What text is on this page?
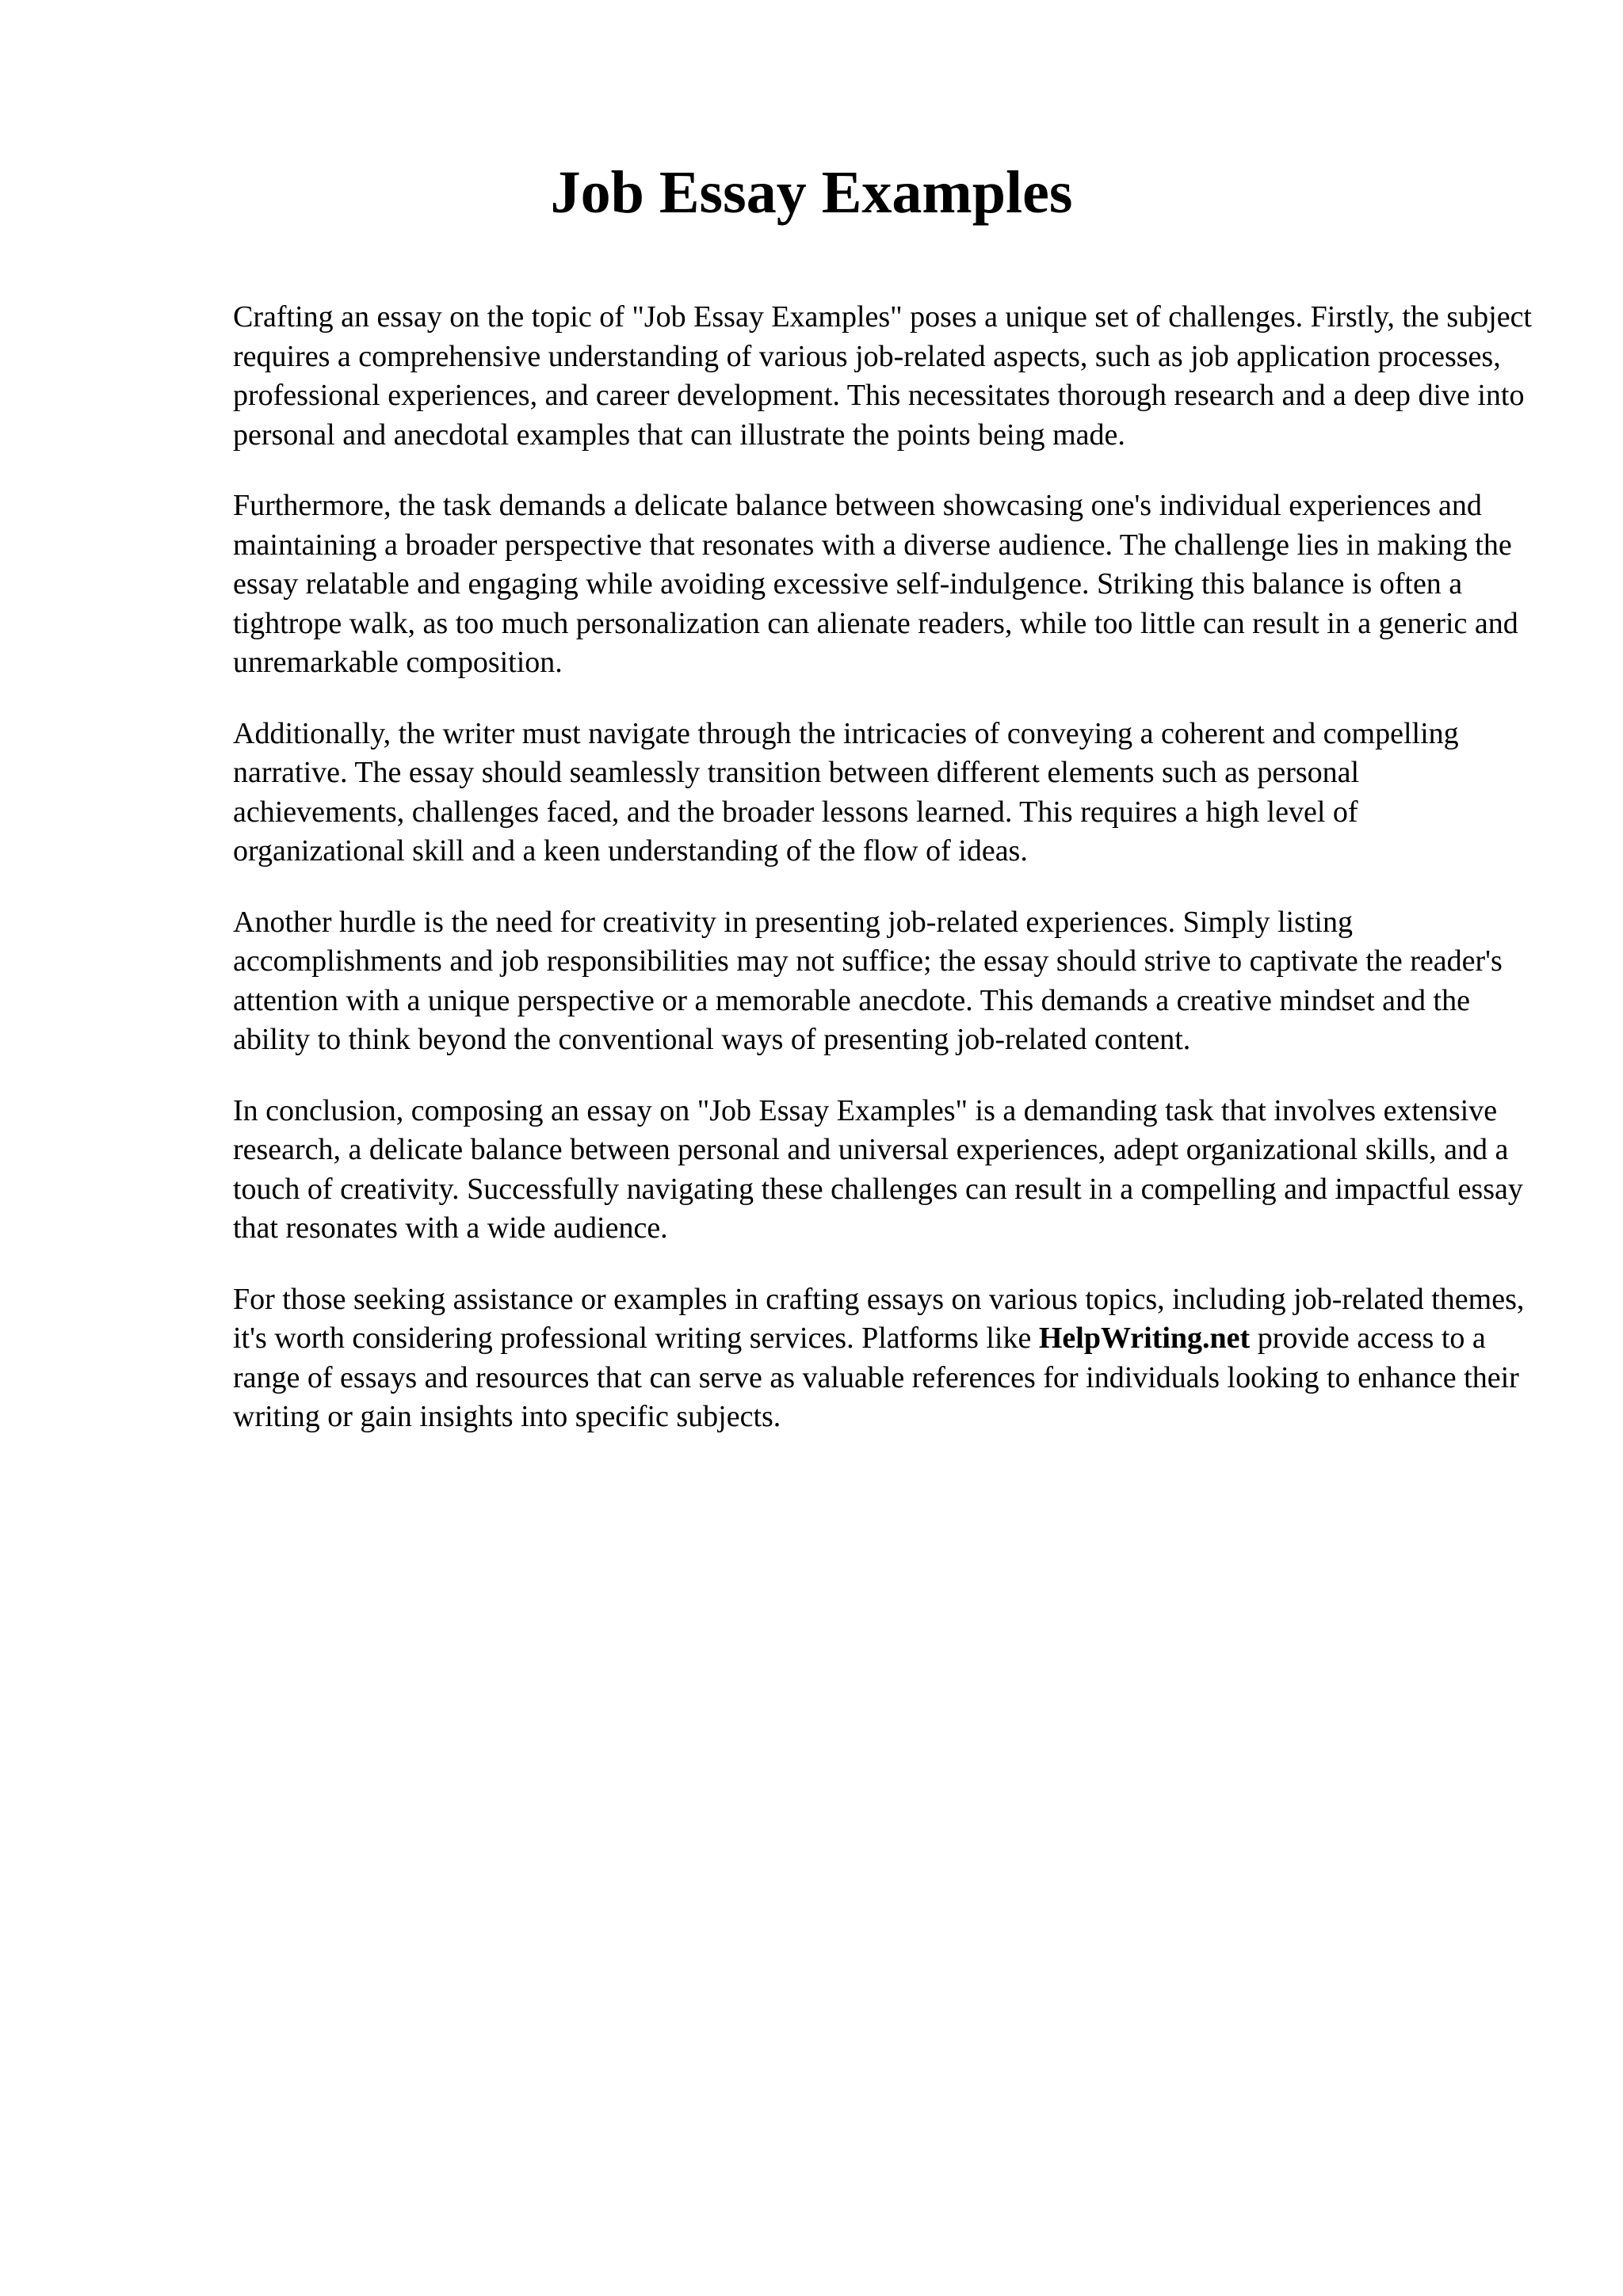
Job Essay Examples

Crafting an essay on the topic of "Job Essay Examples" poses a unique set of challenges. Firstly, the subject requires a comprehensive understanding of various job-related aspects, such as job application processes, professional experiences, and career development. This necessitates thorough research and a deep dive into personal and anecdotal examples that can illustrate the points being made.

Furthermore, the task demands a delicate balance between showcasing one's individual experiences and maintaining a broader perspective that resonates with a diverse audience. The challenge lies in making the essay relatable and engaging while avoiding excessive self-indulgence. Striking this balance is often a tightrope walk, as too much personalization can alienate readers, while too little can result in a generic and unremarkable composition.

Additionally, the writer must navigate through the intricacies of conveying a coherent and compelling narrative. The essay should seamlessly transition between different elements such as personal achievements, challenges faced, and the broader lessons learned. This requires a high level of organizational skill and a keen understanding of the flow of ideas.

Another hurdle is the need for creativity in presenting job-related experiences. Simply listing accomplishments and job responsibilities may not suffice; the essay should strive to captivate the reader's attention with a unique perspective or a memorable anecdote. This demands a creative mindset and the ability to think beyond the conventional ways of presenting job-related content.

In conclusion, composing an essay on "Job Essay Examples" is a demanding task that involves extensive research, a delicate balance between personal and universal experiences, adept organizational skills, and a touch of creativity. Successfully navigating these challenges can result in a compelling and impactful essay that resonates with a wide audience.

For those seeking assistance or examples in crafting essays on various topics, including job-related themes, it's worth considering professional writing services. Platforms like HelpWriting.net provide access to a range of essays and resources that can serve as valuable references for individuals looking to enhance their writing or gain insights into specific subjects.
